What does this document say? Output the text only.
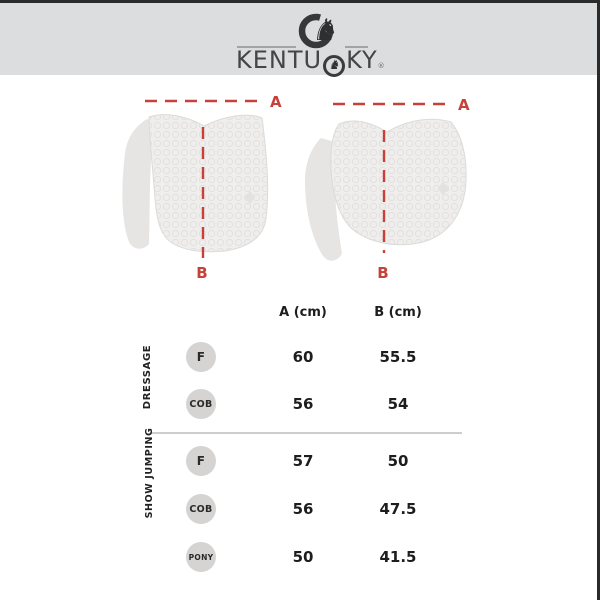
♞
KENTU ♞ KY®
A
B
A
B
A (cm)	B (cm)
DRESSAGE	F	60	55.5
COB	56	54
SHOW JUMPING	F	57	50
COB	56	47.5
PONY	50	41.5
